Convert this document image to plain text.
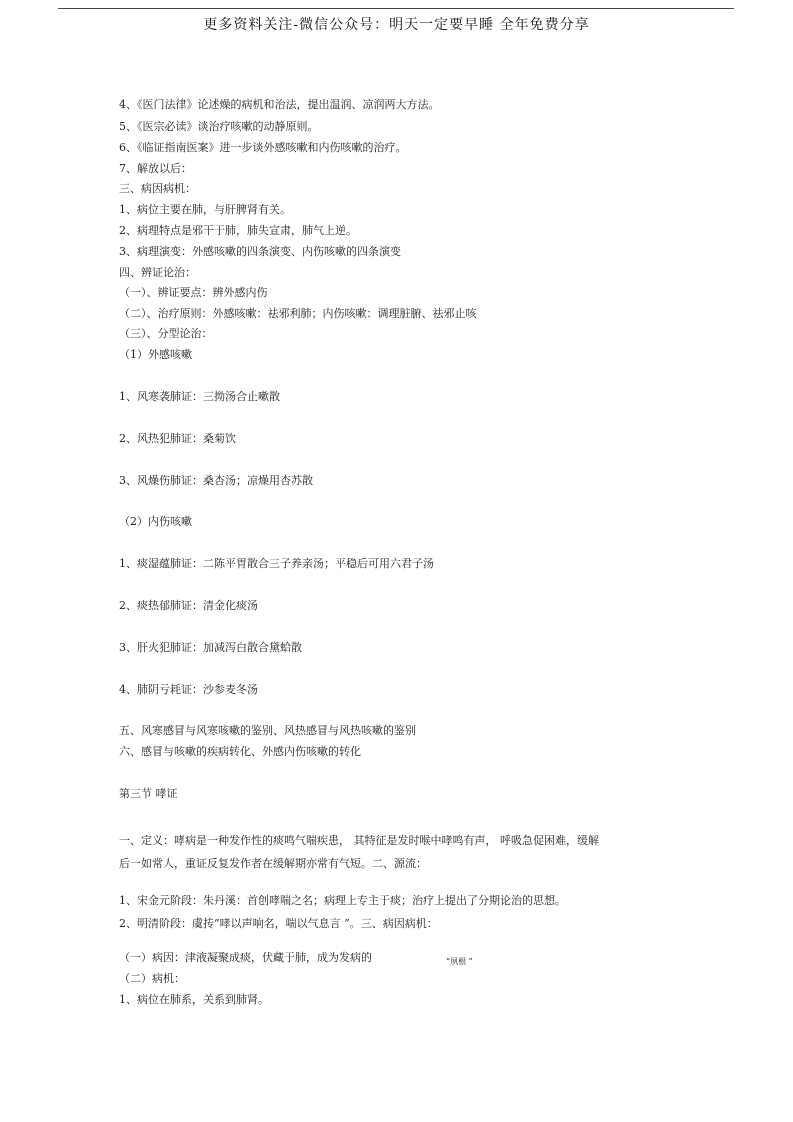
更多资料关注-微信公众号：明天一定要早睡 全年免费分享
4、《医门法律》论述燥的病机和治法，提出温润、凉润两大方法。
5、《医宗必读》谈治疗咳嗽的动静原则。
6、《临证指南医案》进一步谈外感咳嗽和内伤咳嗽的治疗。
7、解放以后：
三、病因病机：
1、病位主要在肺，与肝脾肾有关。
2、病理特点是邪干于肺，肺失宣肃，肺气上逆。
3、病理演变：外感咳嗽的四条演变、内伤咳嗽的四条演变
四、辨证论治：
（一）、辨证要点：辨外感内伤
（二）、治疗原则：外感咳嗽：祛邪利肺；内伤咳嗽：调理脏腑、祛邪止咳
（三）、分型论治：
（1）外感咳嗽
1、风寒袭肺证：三拗汤合止嗽散
2、风热犯肺证：桑菊饮
3、风燥伤肺证：桑杏汤；凉燥用杏苏散
（2）内伤咳嗽
1、痰湿蕴肺证：二陈平胃散合三子养亲汤；平稳后可用六君子汤
2、痰热郁肺证：清金化痰汤
3、肝火犯肺证：加减泻白散合黛蛤散
4、肺阴亏耗证：沙参麦冬汤
五、风寒感冒与风寒咳嗽的鉴别、风热感冒与风热咳嗽的鉴别
六、感冒与咳嗽的疾病转化、外感内伤咳嗽的转化
第三节 哮证
一、定义：哮病是一种发作性的痰鸣气喘疾患， 其特征是发时喉中哮鸣有声， 呼吸急促困难，缓解
后一如常人，重证反复发作者在缓解期亦常有气短。二、源流：
1、宋金元阶段：朱丹溪：首创哮喘之名；病理上专主于痰；治疗上提出了分期论治的思想。
2、明清阶段：虞抟“哮以声响名，喘以气息言 ”。三、病因病机：
（一）病因：津液凝聚成痰，伏藏于肺，成为发病的	“夙根 ”
（二）病机：
1、病位在肺系，关系到肺肾。
